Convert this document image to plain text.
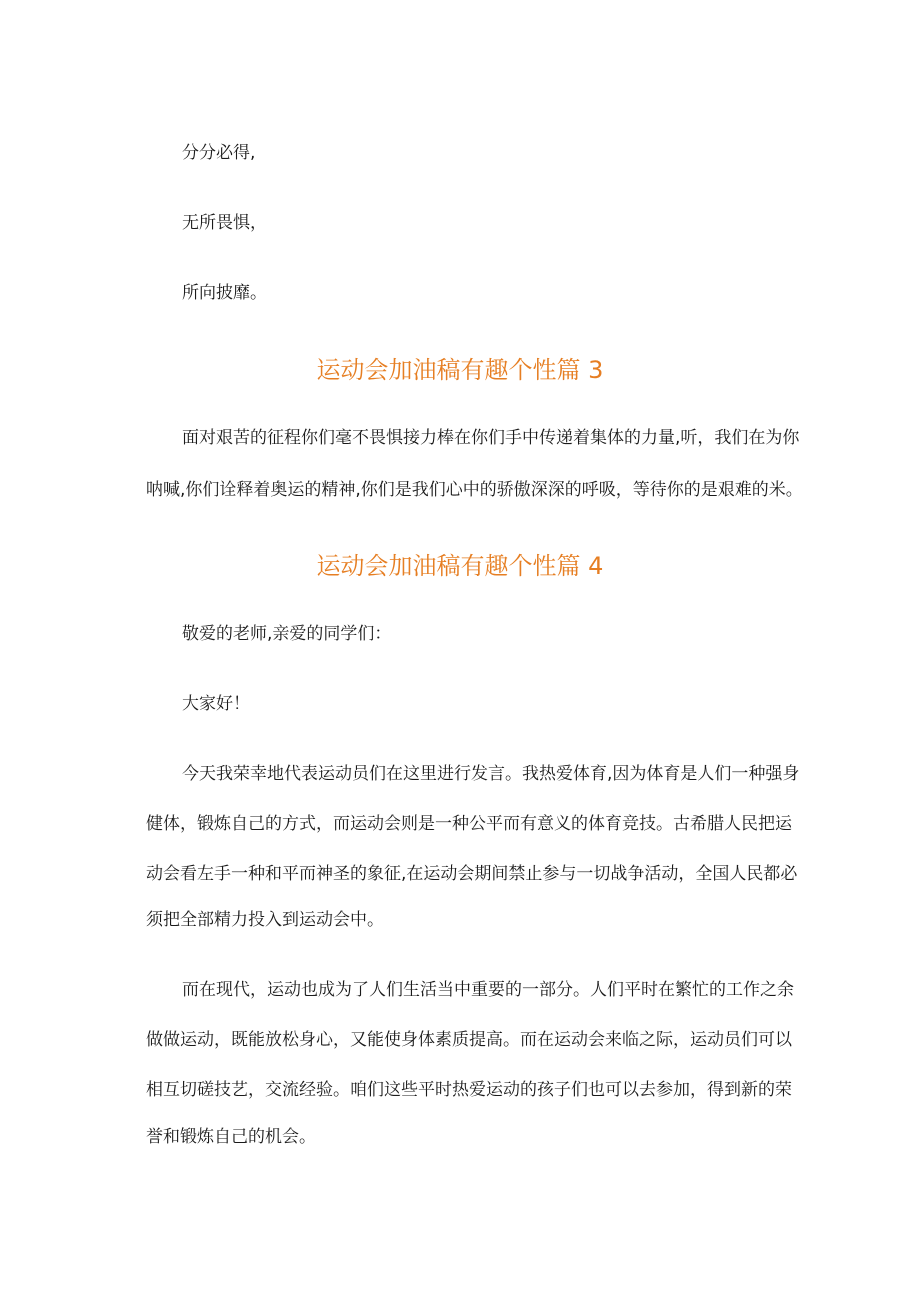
分分必得,
无所畏惧，
所向披靡。
运动会加油稿有趣个性篇 3
面对艰苦的征程你们毫不畏惧接力棒在你们手中传递着集体的力量,听，我们在为你
呐喊,你们诠释着奥运的精神,你们是我们心中的骄傲深深的呼吸，等待你的是艰难的米。
运动会加油稿有趣个性篇 4
敬爱的老师,亲爱的同学们：
大家好！
今天我荣幸地代表运动员们在这里进行发言。我热爱体育,因为体育是人们一种强身
健体，锻炼自己的方式，而运动会则是一种公平而有意义的体育竞技。古希腊人民把运
动会看左手一种和平而神圣的象征,在运动会期间禁止参与一切战争活动，全国人民都必
须把全部精力投入到运动会中。
而在现代，运动也成为了人们生活当中重要的一部分。人们平时在繁忙的工作之余
做做运动，既能放松身心，又能使身体素质提高。而在运动会来临之际，运动员们可以
相互切磋技艺，交流经验。咱们这些平时热爱运动的孩子们也可以去参加，得到新的荣
誉和锻炼自己的机会。
